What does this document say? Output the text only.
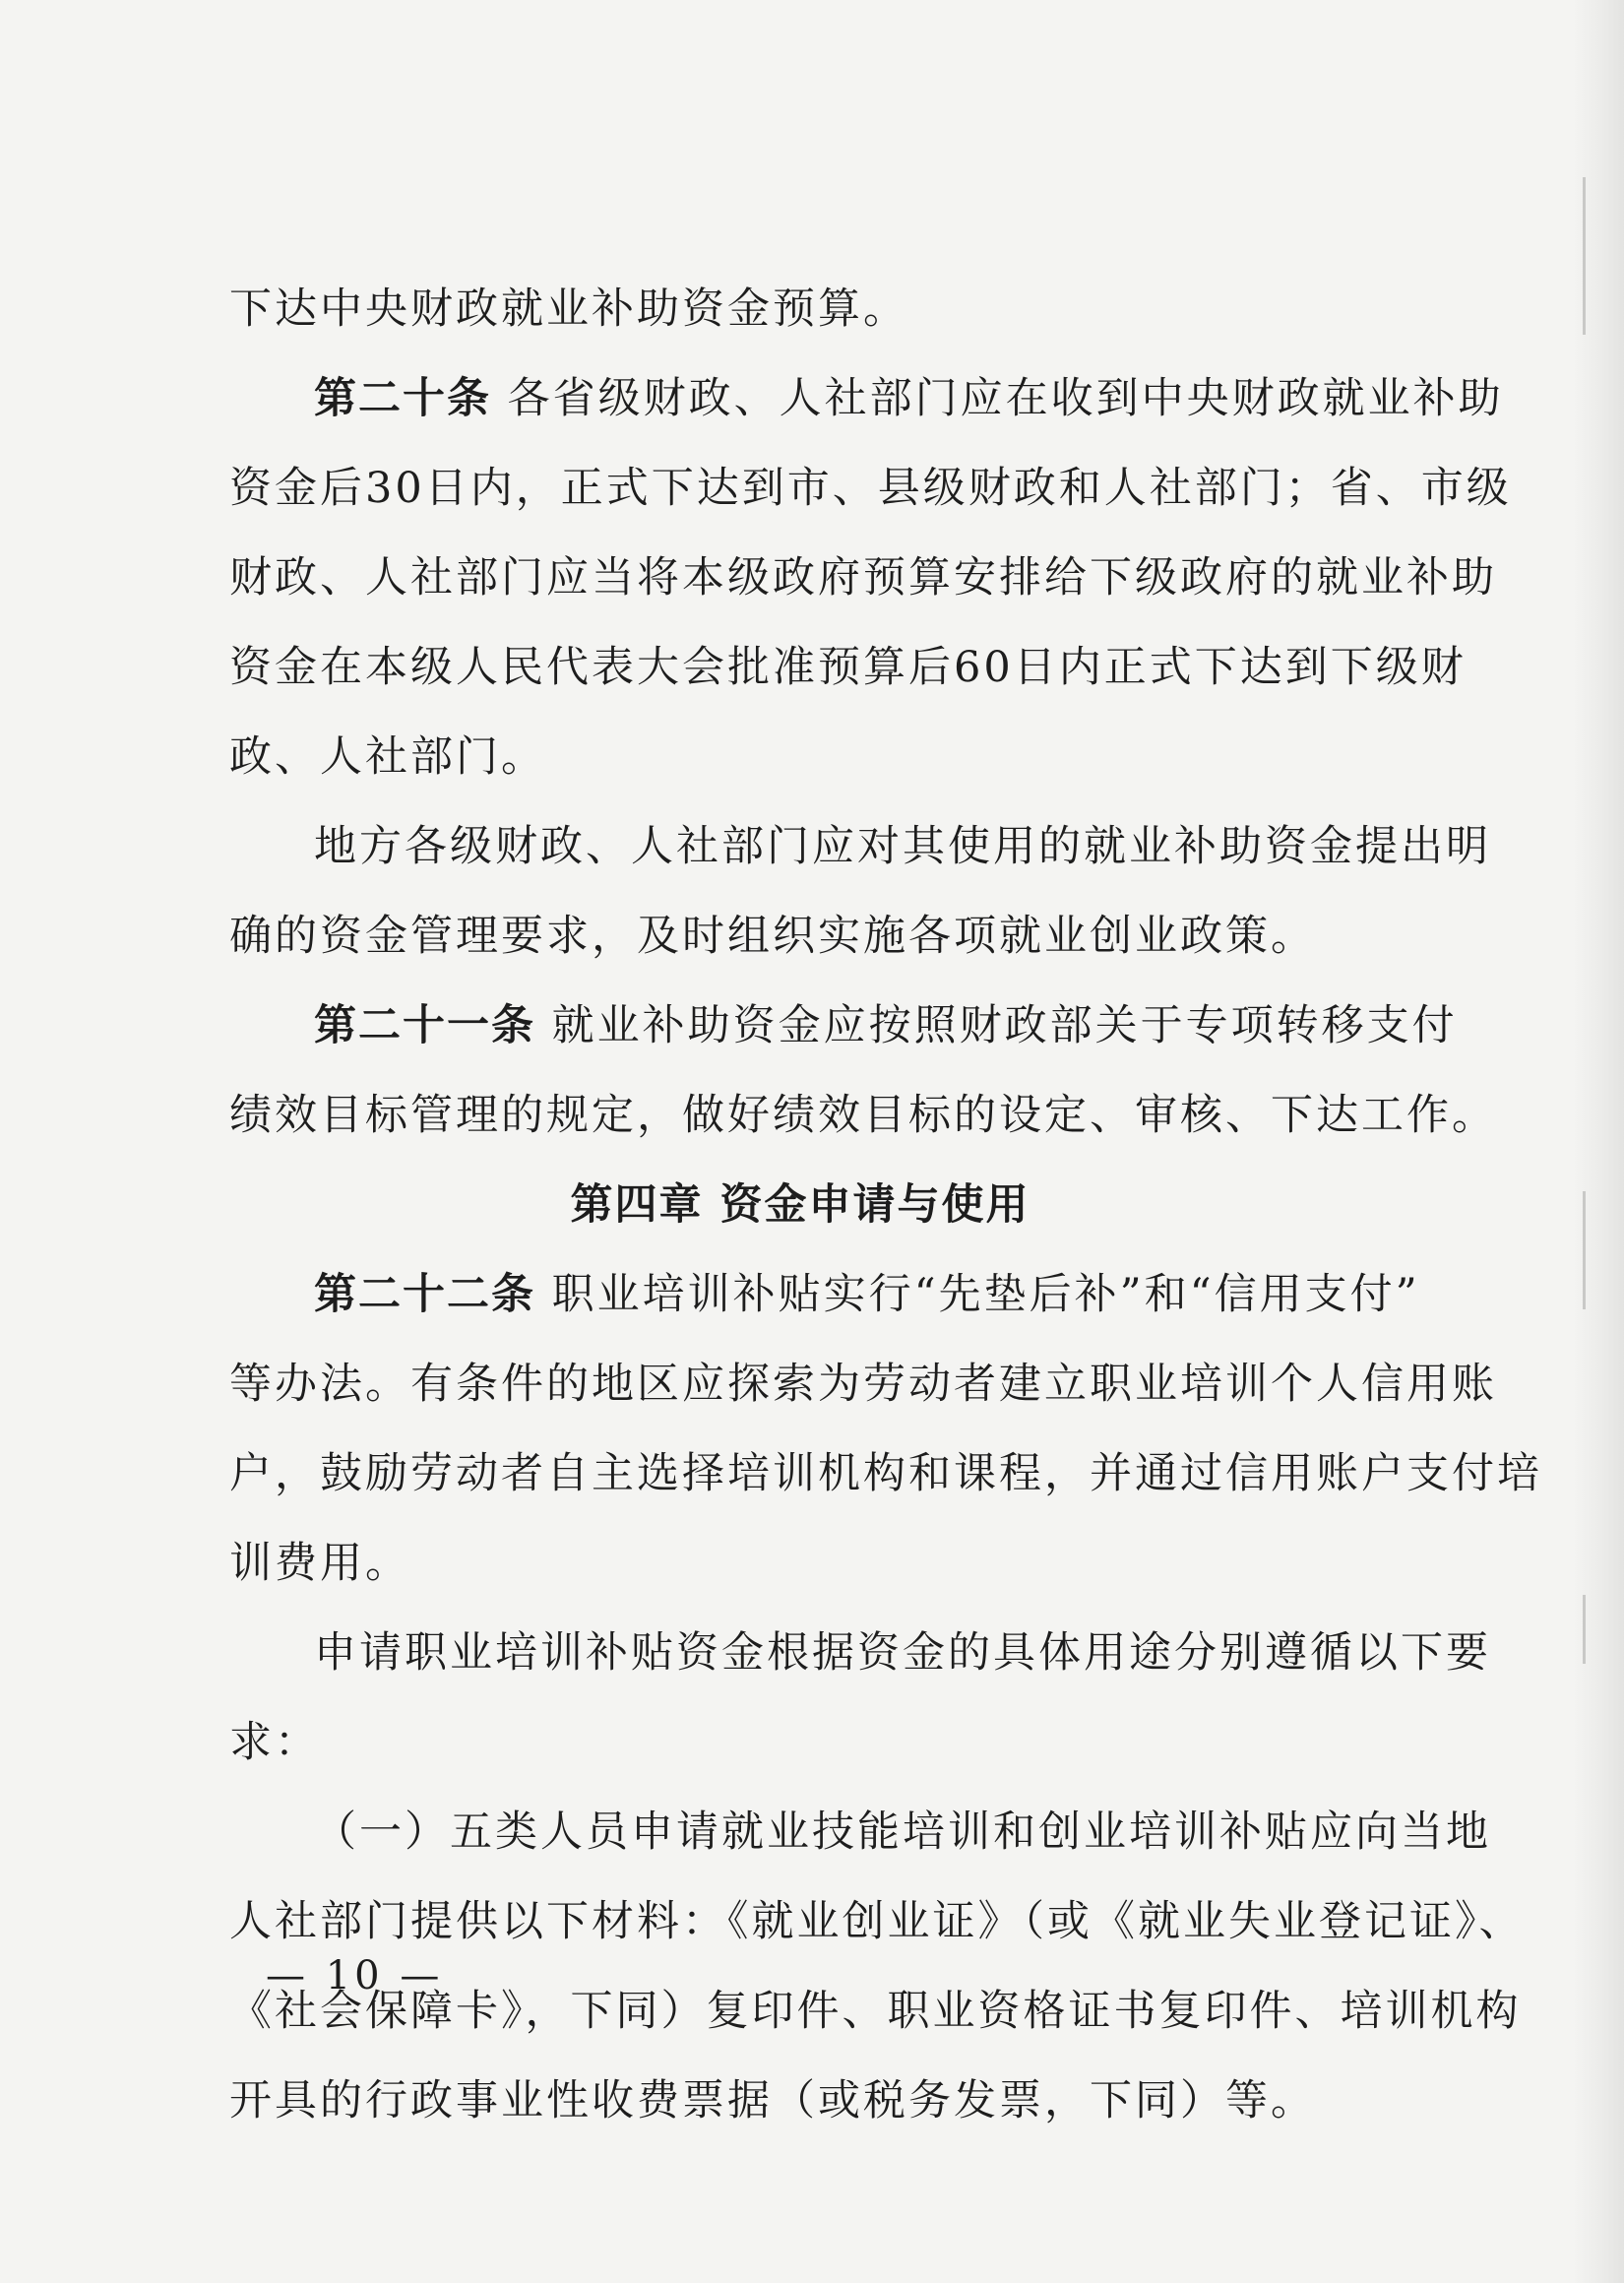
下达中央财政就业补助资金预算。
第二十条 各省级财政、人社部门应在收到中央财政就业补助
资金后30日内，正式下达到市、县级财政和人社部门；省、市级
财政、人社部门应当将本级政府预算安排给下级政府的就业补助
资金在本级人民代表大会批准预算后60日内正式下达到下级财
政、人社部门。
地方各级财政、人社部门应对其使用的就业补助资金提出明
确的资金管理要求，及时组织实施各项就业创业政策。
第二十一条 就业补助资金应按照财政部关于专项转移支付
绩效目标管理的规定，做好绩效目标的设定、审核、下达工作。
第四章 资金申请与使用
第二十二条 职业培训补贴实行“先垫后补”和“信用支付”
等办法。有条件的地区应探索为劳动者建立职业培训个人信用账
户，鼓励劳动者自主选择培训机构和课程，并通过信用账户支付培
训费用。
申请职业培训补贴资金根据资金的具体用途分别遵循以下要
求：
（一）五类人员申请就业技能培训和创业培训补贴应向当地
人社部门提供以下材料：《就业创业证》（或《就业失业登记证》、
《社会保障卡》，下同）复印件、职业资格证书复印件、培训机构
开具的行政事业性收费票据（或税务发票，下同）等。
— 10 —
